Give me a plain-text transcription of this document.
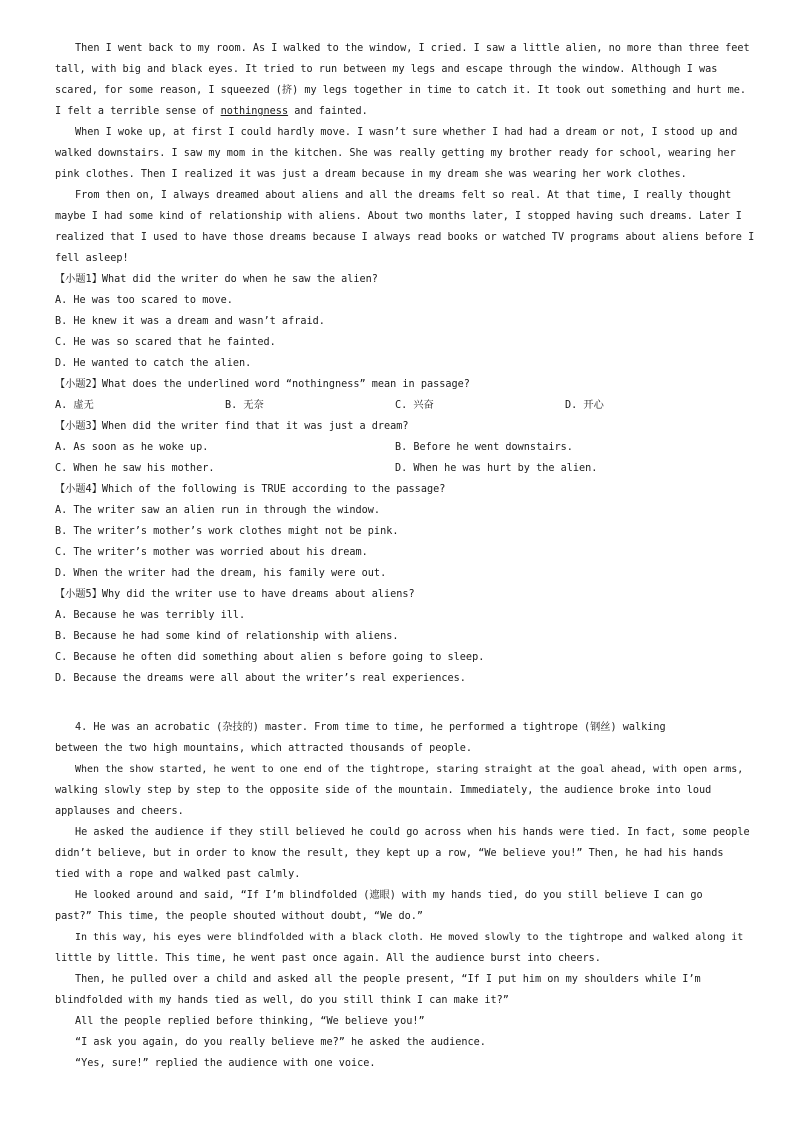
Then I went back to my room. As I walked to the window, I cried. I saw a little alien, no more than three feet
tall, with big and black eyes. It tried to run between my legs and escape through the window. Although I was
scared, for some reason, I squeezed (挤) my legs together in time to catch it. It took out something and hurt me.
I felt a terrible sense of nothingness and fainted.
When I woke up, at first I could hardly move. I wasn’t sure whether I had had a dream or not, I stood up and
walked downstairs. I saw my mom in the kitchen. She was really getting my brother ready for school, wearing her
pink clothes. Then I realized it was just a dream because in my dream she was wearing her work clothes.
From then on, I always dreamed about aliens and all the dreams felt so real. At that time, I really thought
maybe I had some kind of relationship with aliens. About two months later, I stopped having such dreams. Later I
realized that I used to have those dreams because I always read books or watched TV programs about aliens before I
fell asleep!
【小题1】What did the writer do when he saw the alien?
A. He was too scared to move.
B. He knew it was a dream and wasn’t afraid.
C. He was so scared that he fainted.
D. He wanted to catch the alien.
【小题2】What does the underlined word “nothingness” mean in passage?
A. 虚无	B. 无奈	C. 兴奋	D. 开心
【小题3】When did the writer find that it was just a dream?
A. As soon as he woke up.	B. Before he went downstairs.
C. When he saw his mother.	D. When he was hurt by the alien.
【小题4】Which of the following is TRUE according to the passage?
A. The writer saw an alien run in through the window.
B. The writer’s mother’s work clothes might not be pink.
C. The writer’s mother was worried about his dream.
D. When the writer had the dream, his family were out.
【小题5】Why did the writer use to have dreams about aliens?
A. Because he was terribly ill.
B. Because he had some kind of relationship with aliens.
C. Because he often did something about alien s before going to sleep.
D. Because the dreams were all about the writer’s real experiences.
4. He was an acrobatic (杂技的) master. From time to time, he performed a tightrope (钢丝) walking
between the two high mountains, which attracted thousands of people.
When the show started, he went to one end of the tightrope, staring straight at the goal ahead, with open arms,
walking slowly step by step to the opposite side of the mountain. Immediately, the audience broke into loud
applauses and cheers.
He asked the audience if they still believed he could go across when his hands were tied. In fact, some people
didn’t believe, but in order to know the result, they kept up a row, “We believe you!” Then, he had his hands
tied with a rope and walked past calmly.
He looked around and said, “If I’m blindfolded (遮眼) with my hands tied, do you still believe I can go
past?” This time, the people shouted without doubt, “We do.”
In this way, his eyes were blindfolded with a black cloth. He moved slowly to the tightrope and walked along it
little by little. This time, he went past once again. All the audience burst into cheers.
Then, he pulled over a child and asked all the people present, “If I put him on my shoulders while I’m
blindfolded with my hands tied as well, do you still think I can make it?”
All the people replied before thinking, “We believe you!”
“I ask you again, do you really believe me?” he asked the audience.
“Yes, sure!” replied the audience with one voice.
